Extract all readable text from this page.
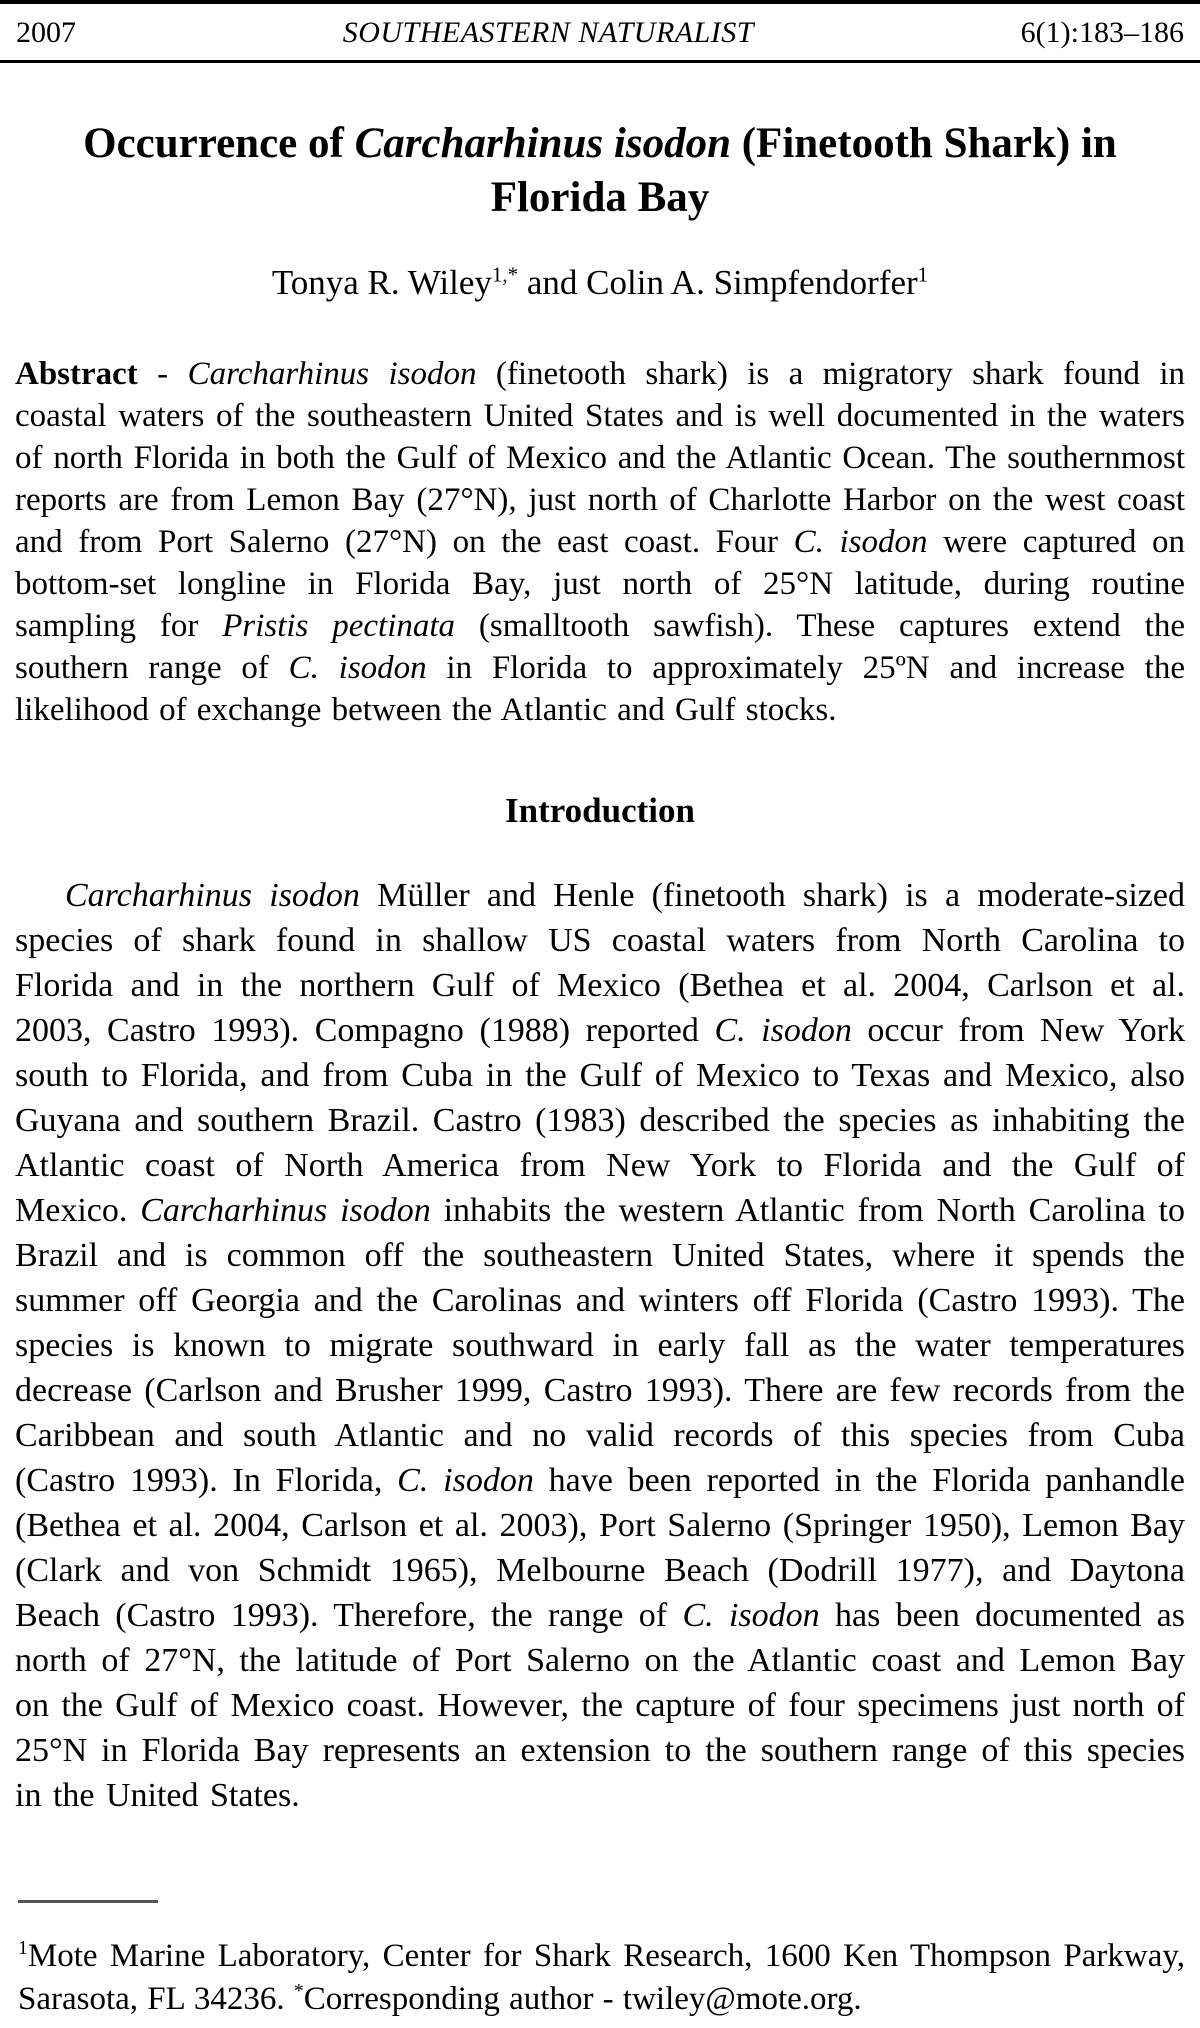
2007	SOUTHEASTERN NATURALIST	6(1):183–186
Occurrence of Carcharhinus isodon (Finetooth Shark) in
Florida Bay
Tonya R. Wiley$^{1,*}$ and Colin A. Simpfendorfer$^1$

Abstract - Carcharhinus isodon (finetooth shark) is a migratory shark found in coastal waters of the southeastern United States and is well documented in the waters of north Florida in both the Gulf of Mexico and the Atlantic Ocean. The southernmost reports are from Lemon Bay (27°N), just north of Charlotte Harbor on the west coast and from Port Salerno (27°N) on the east coast. Four C. isodon were captured on bottom-set longline in Florida Bay, just north of 25°N latitude, during routine sampling for Pristis pectinata (smalltooth sawfish). These captures extend the southern range of C. isodon in Florida to approximately 25ºN and increase the likelihood of exchange between the Atlantic and Gulf stocks.

Introduction

Carcharhinus isodon Müller and Henle (finetooth shark) is a moderate-sized species of shark found in shallow US coastal waters from North Carolina to Florida and in the northern Gulf of Mexico (Bethea et al. 2004, Carlson et al. 2003, Castro 1993). Compagno (1988) reported C. isodon occur from New York south to Florida, and from Cuba in the Gulf of Mexico to Texas and Mexico, also Guyana and southern Brazil. Castro (1983) described the species as inhabiting the Atlantic coast of North America from New York to Florida and the Gulf of Mexico. Carcharhinus isodon inhabits the western Atlantic from North Carolina to Brazil and is common off the southeastern United States, where it spends the summer off Georgia and the Carolinas and winters off Florida (Castro 1993). The species is known to migrate southward in early fall as the water temperatures decrease (Carlson and Brusher 1999, Castro 1993). There are few records from the Caribbean and south Atlantic and no valid records of this species from Cuba (Castro 1993). In Florida, C. isodon have been reported in the Florida panhandle (Bethea et al. 2004, Carlson et al. 2003), Port Salerno (Springer 1950), Lemon Bay (Clark and von Schmidt 1965), Melbourne Beach (Dodrill 1977), and Daytona Beach (Castro 1993). Therefore, the range of C. isodon has been documented as north of 27°N, the latitude of Port Salerno on the Atlantic coast and Lemon Bay on the Gulf of Mexico coast. However, the capture of four specimens just north of 25°N in Florida Bay represents an extension to the southern range of this species in the United States.

$^1$Mote Marine Laboratory, Center for Shark Research, 1600 Ken Thompson Parkway, Sarasota, FL 34236. *Corresponding author - twiley@mote.org.
